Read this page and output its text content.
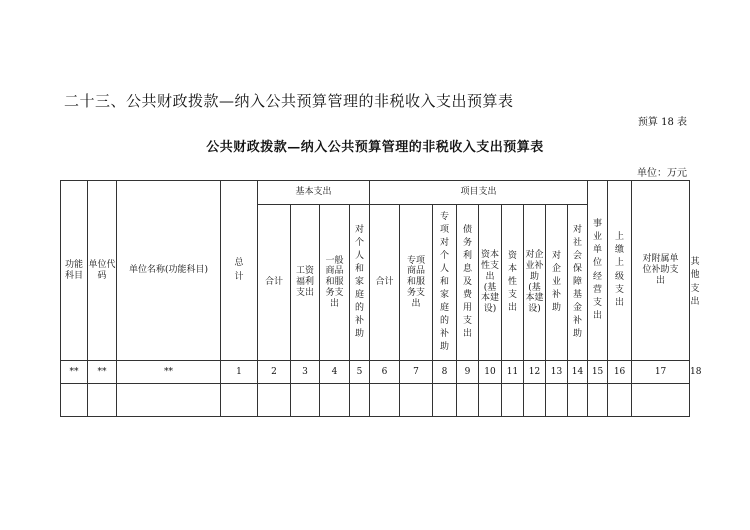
二十三、公共财政拨款—纳入公共预算管理的非税收入支出预算表
预算 18 表
公共财政拨款—纳入公共预算管理的非税收入支出预算表
单位：万元
功能科目	单位代码	单位名称(功能科目)	总计	基本支出				项目支出									事业单位经营支出	上缴上级支出	对附属单位补助支出	
				合计	工资福利支出	一般商品和服务支出	对个人和家庭的补助	合计	专项商品和服务支出	专项对个人和家庭的补助	债务利息及费用支出	资本性支出(基本建设)	资本性支出	对企业补助(基本建设)	对企业补助	对社会保障基金补助				其他支出
**	**	**	1	2	3	4	5	6	7	8	9	10	11	12	13	14	15	16	17	18
